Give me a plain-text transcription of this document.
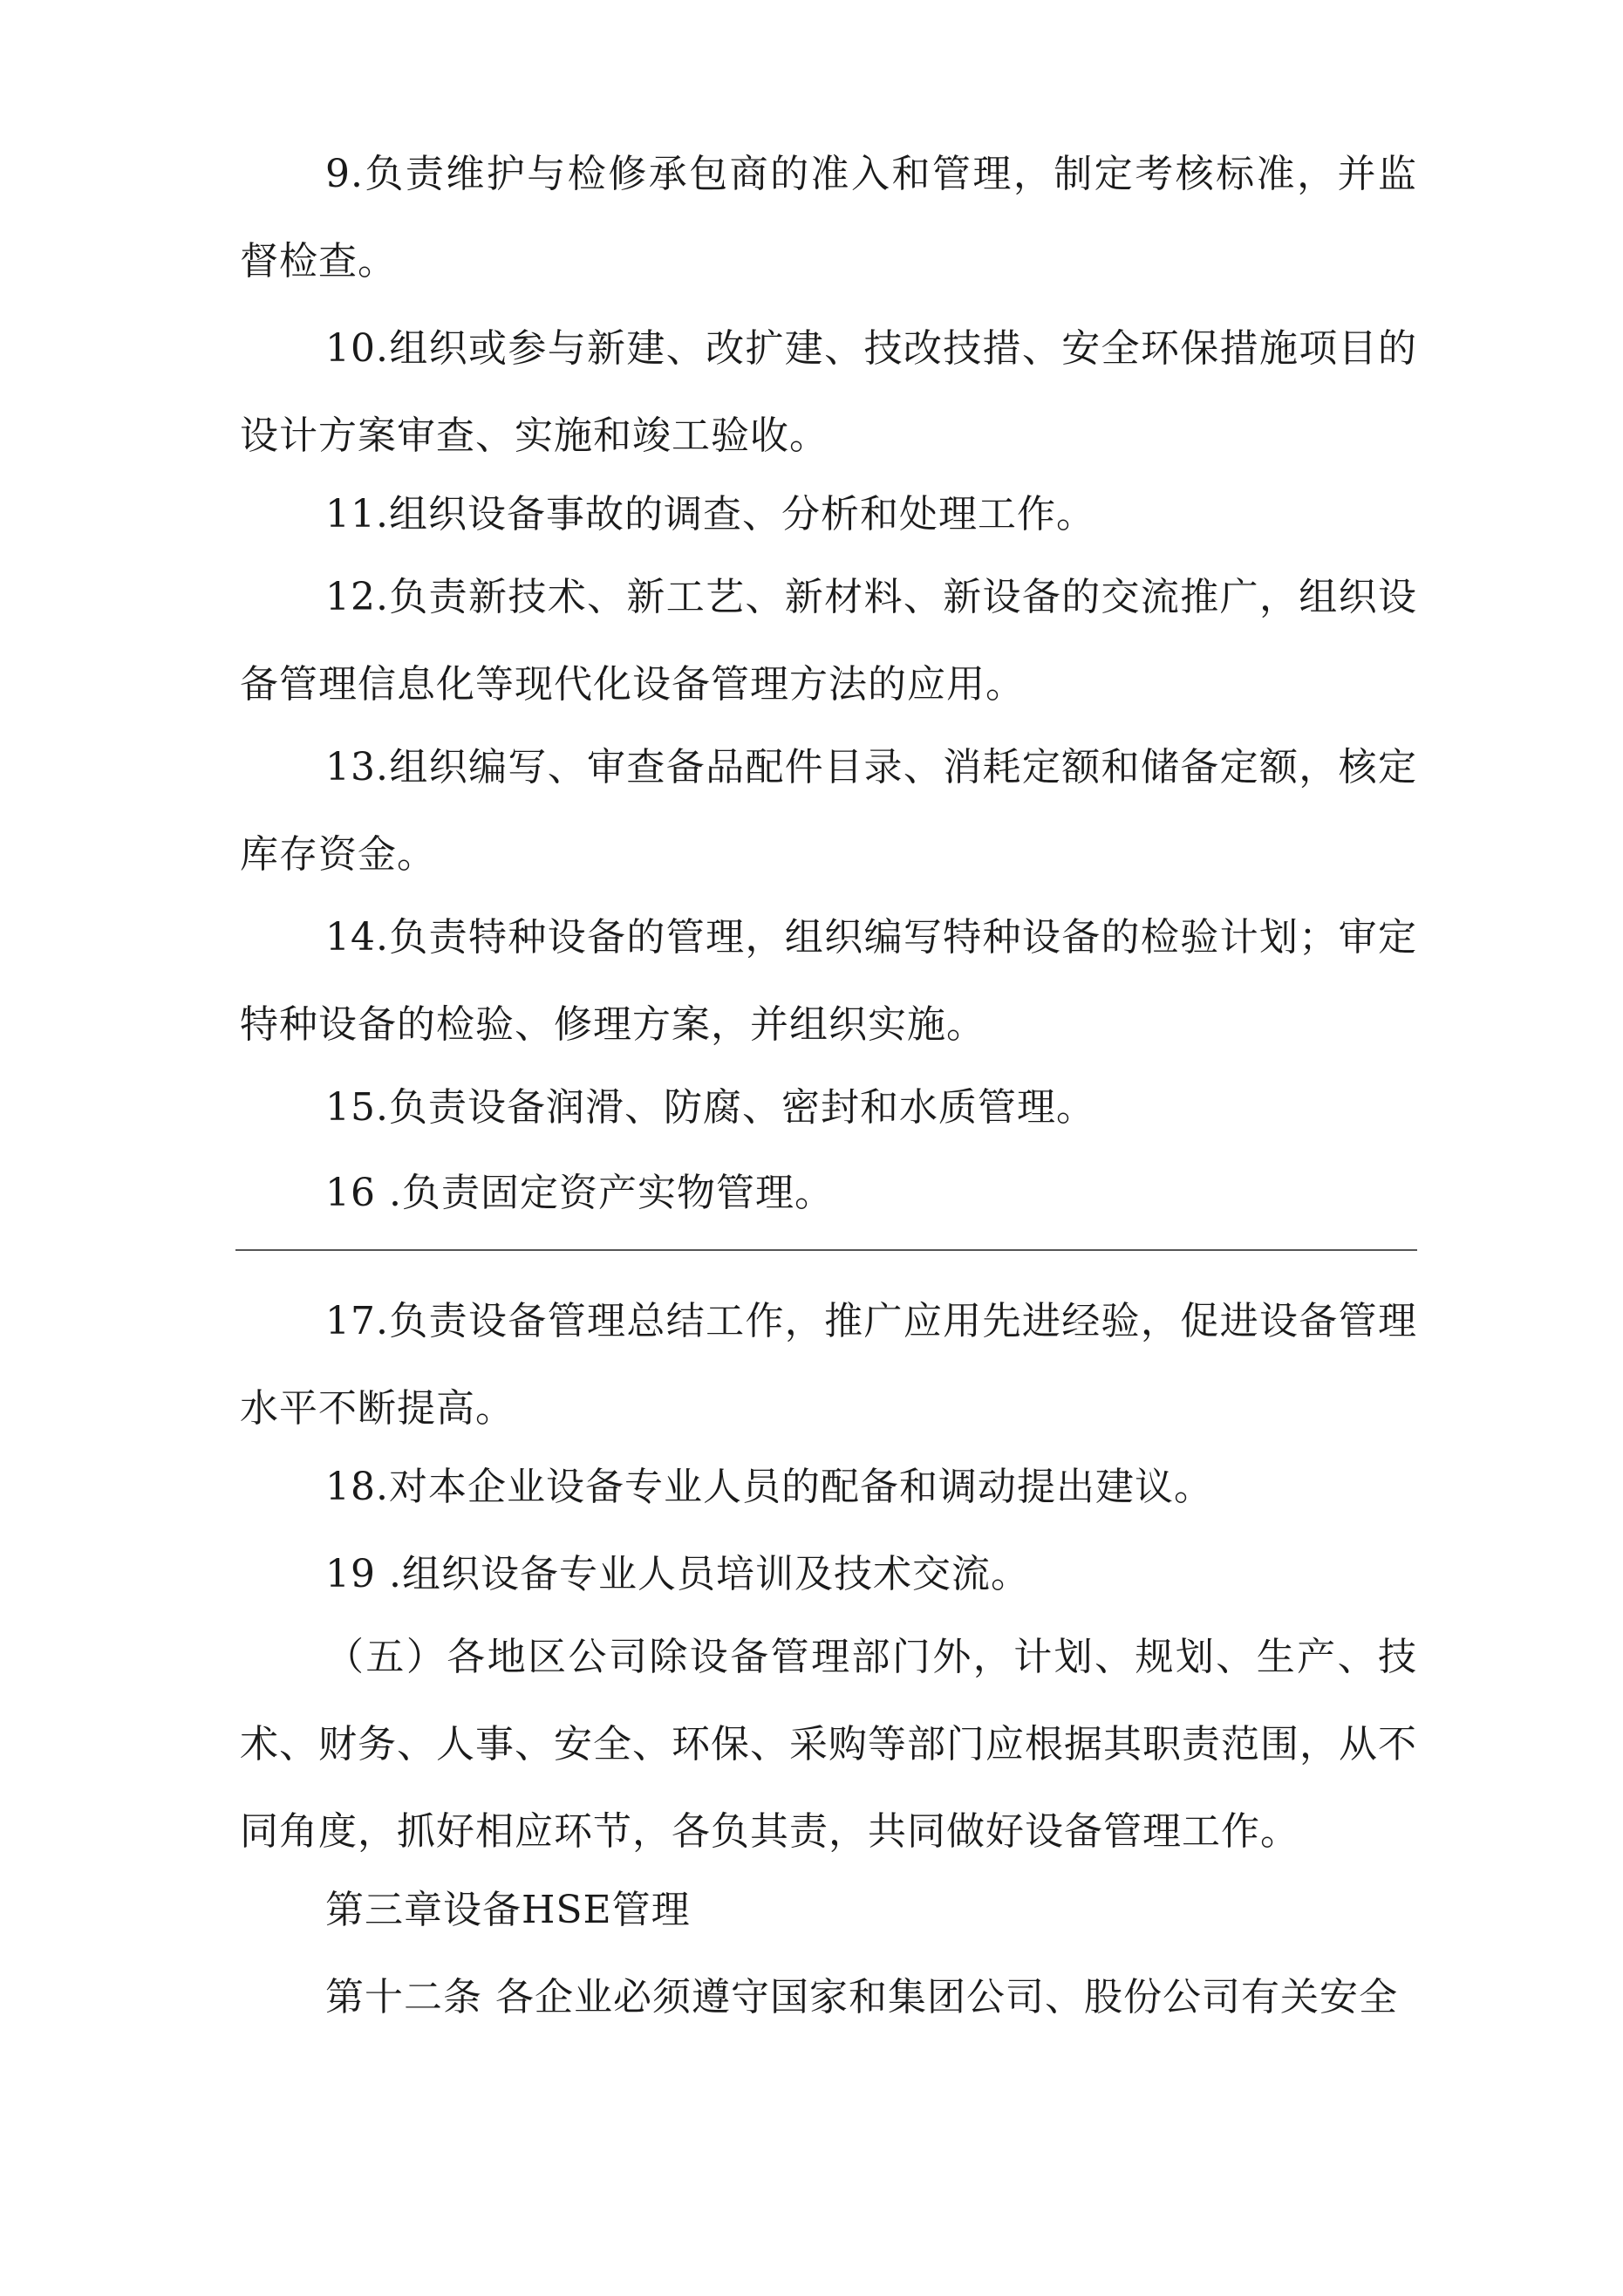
9.负责维护与检修承包商的准入和管理，制定考核标准，并监督检查。

10.组织或参与新建、改扩建、技改技措、安全环保措施项目的设计方案审查、实施和竣工验收。

11.组织设备事故的调查、分析和处理工作。

12.负责新技术、新工艺、新材料、新设备的交流推广，组织设备管理信息化等现代化设备管理方法的应用。

13.组织编写、审查备品配件目录、消耗定额和储备定额，核定库存资金。

14.负责特种设备的管理，组织编写特种设备的检验计划；审定特种设备的检验、修理方案，并组织实施。

15.负责设备润滑、防腐、密封和水质管理。

16 .负责固定资产实物管理。

17.负责设备管理总结工作，推广应用先进经验，促进设备管理水平不断提高。

18.对本企业设备专业人员的配备和调动提出建议。

19 .组织设备专业人员培训及技术交流。

（五）各地区公司除设备管理部门外，计划、规划、生产、技术、财务、人事、安全、环保、采购等部门应根据其职责范围，从不同角度，抓好相应环节，各负其责，共同做好设备管理工作。

第三章设备HSE管理

第十二条 各企业必须遵守国家和集团公司、股份公司有关安全
